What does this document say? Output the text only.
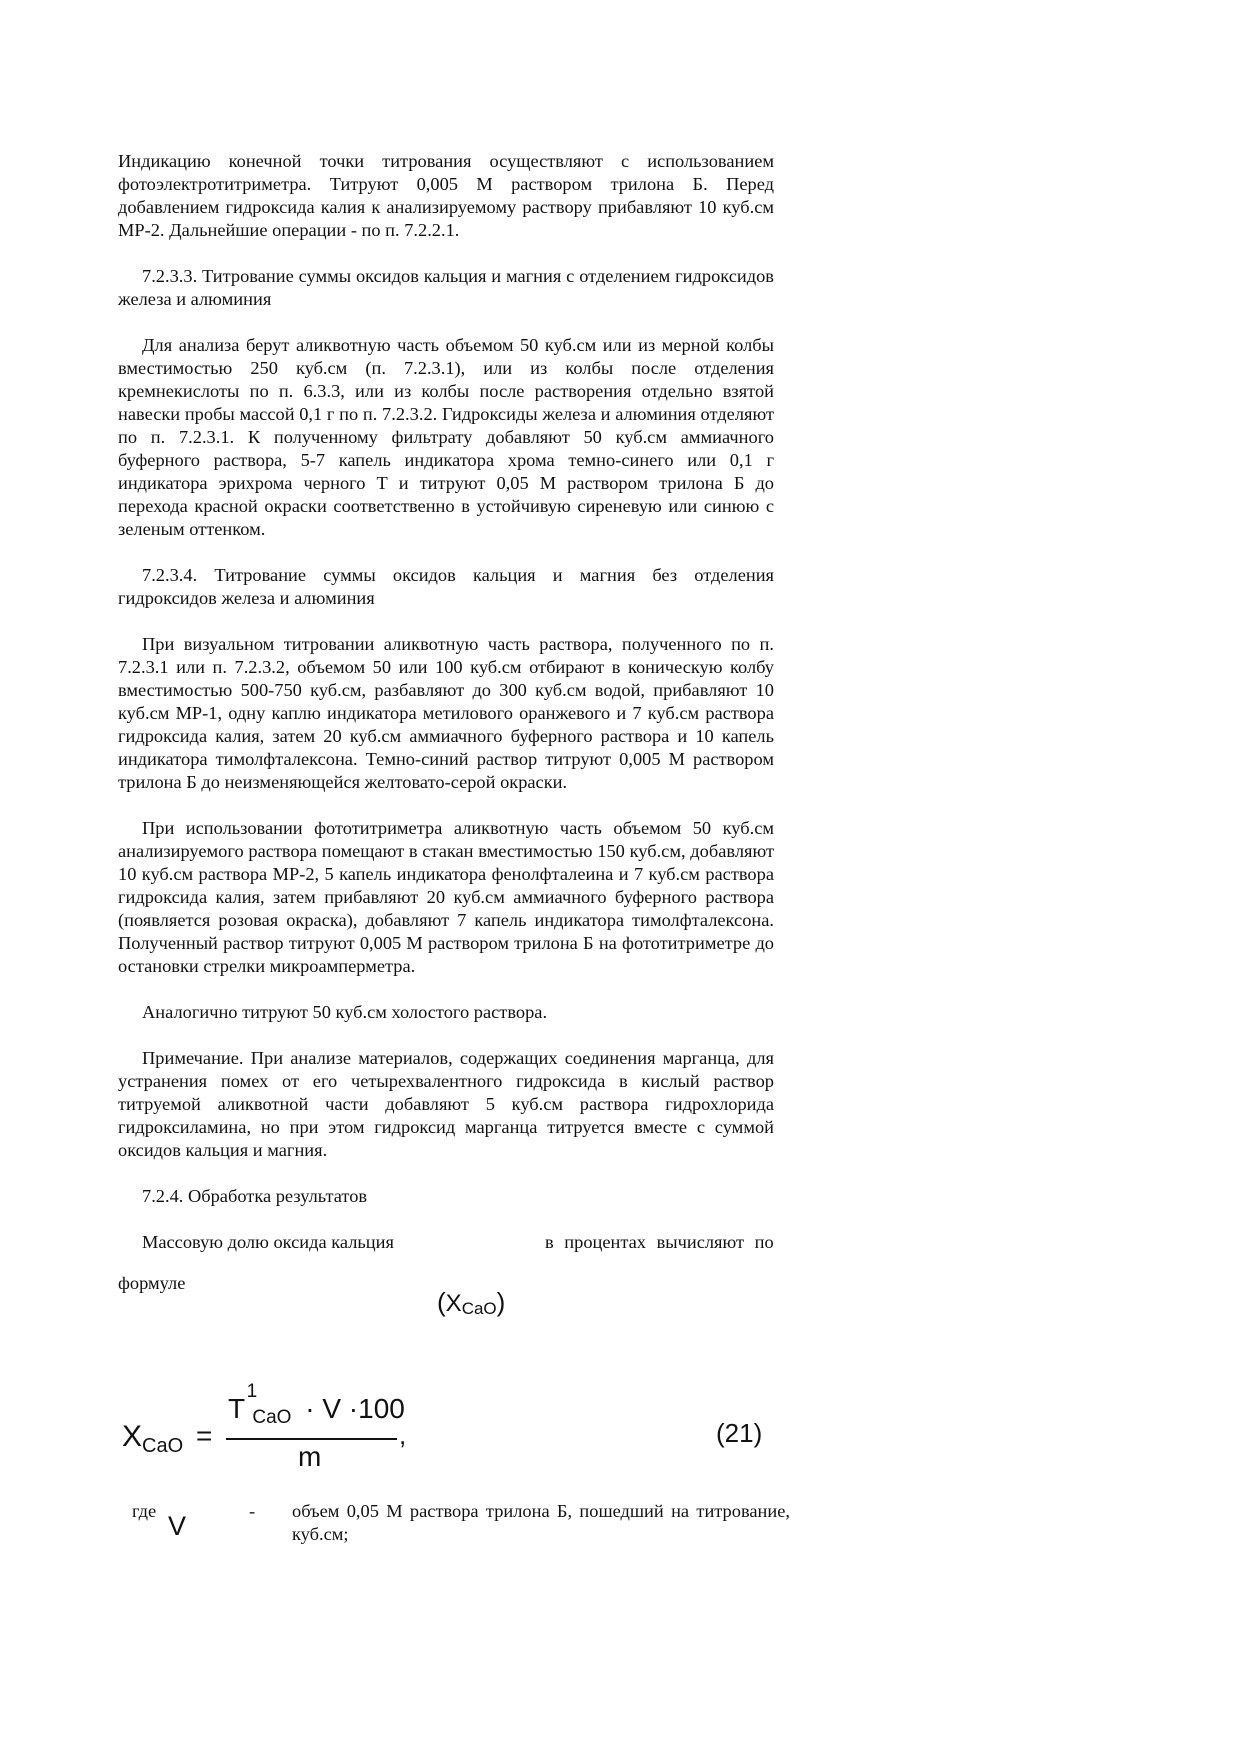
Индикацию конечной точки титрования осуществляют с использованием фотоэлектротитриметра. Титруют 0,005 М раствором трилона Б. Перед добавлением гидроксида калия к анализируемому раствору прибавляют 10 куб.см МР-2. Дальнейшие операции - по п. 7.2.2.1.

7.2.3.3. Титрование суммы оксидов кальция и магния с отделением гидроксидов железа и алюминия

Для анализа берут аликвотную часть объемом 50 куб.см или из мерной колбы вместимостью 250 куб.см (п. 7.2.3.1), или из колбы после отделения кремнекислоты по п. 6.3.3, или из колбы после растворения отдельно взятой навески пробы массой 0,1 г по п. 7.2.3.2. Гидроксиды железа и алюминия отделяют по п. 7.2.3.1. К полученному фильтрату добавляют 50 куб.см аммиачного буферного раствора, 5-7 капель индикатора хрома темно-синего или 0,1 г индикатора эрихрома черного Т и титруют 0,05 М раствором трилона Б до перехода красной окраски соответственно в устойчивую сиреневую или синюю с зеленым оттенком.

7.2.3.4. Титрование суммы оксидов кальция и магния без отделения гидроксидов железа и алюминия

При визуальном титровании аликвотную часть раствора, полученного по п. 7.2.3.1 или п. 7.2.3.2, объемом 50 или 100 куб.см отбирают в коническую колбу вместимостью 500-750 куб.см, разбавляют до 300 куб.см водой, прибавляют 10 куб.см МР-1, одну каплю индикатора метилового оранжевого и 7 куб.см раствора гидроксида калия, затем 20 куб.см аммиачного буферного раствора и 10 капель индикатора тимолфталексона. Темно-синий раствор титруют 0,005 М раствором трилона Б до неизменяющейся желтовато-серой окраски.

При использовании фототитриметра аликвотную часть объемом 50 куб.см анализируемого раствора помещают в стакан вместимостью 150 куб.см, добавляют 10 куб.см раствора МР-2, 5 капель индикатора фенолфталеина и 7 куб.см раствора гидроксида калия, затем прибавляют 20 куб.см аммиачного буферного раствора (появляется розовая окраска), добавляют 7 капель индикатора тимолфталексона. Полученный раствор титруют 0,005 М раствором трилона Б на фототитриметре до остановки стрелки микроамперметра.

Аналогично титруют 50 куб.см холостого раствора.

Примечание. При анализе материалов, содержащих соединения марганца, для устранения помех от его четырехвалентного гидроксида в кислый раствор титруемой аликвотной части добавляют 5 куб.см раствора гидрохлорида гидроксиламина, но при этом гидроксид марганца титруется вместе с суммой оксидов кальция и магния.

7.2.4. Обработка результатов

Массовую долю оксида кальция	в процентах вычисляют по
формуле
(XCaO)
$X_{CaO}$ =
T
1
CaO · V ·100
,
m
(21)
где V	- объем 0,05 М раствора трилона Б, пошедший на титрование, куб.см;
